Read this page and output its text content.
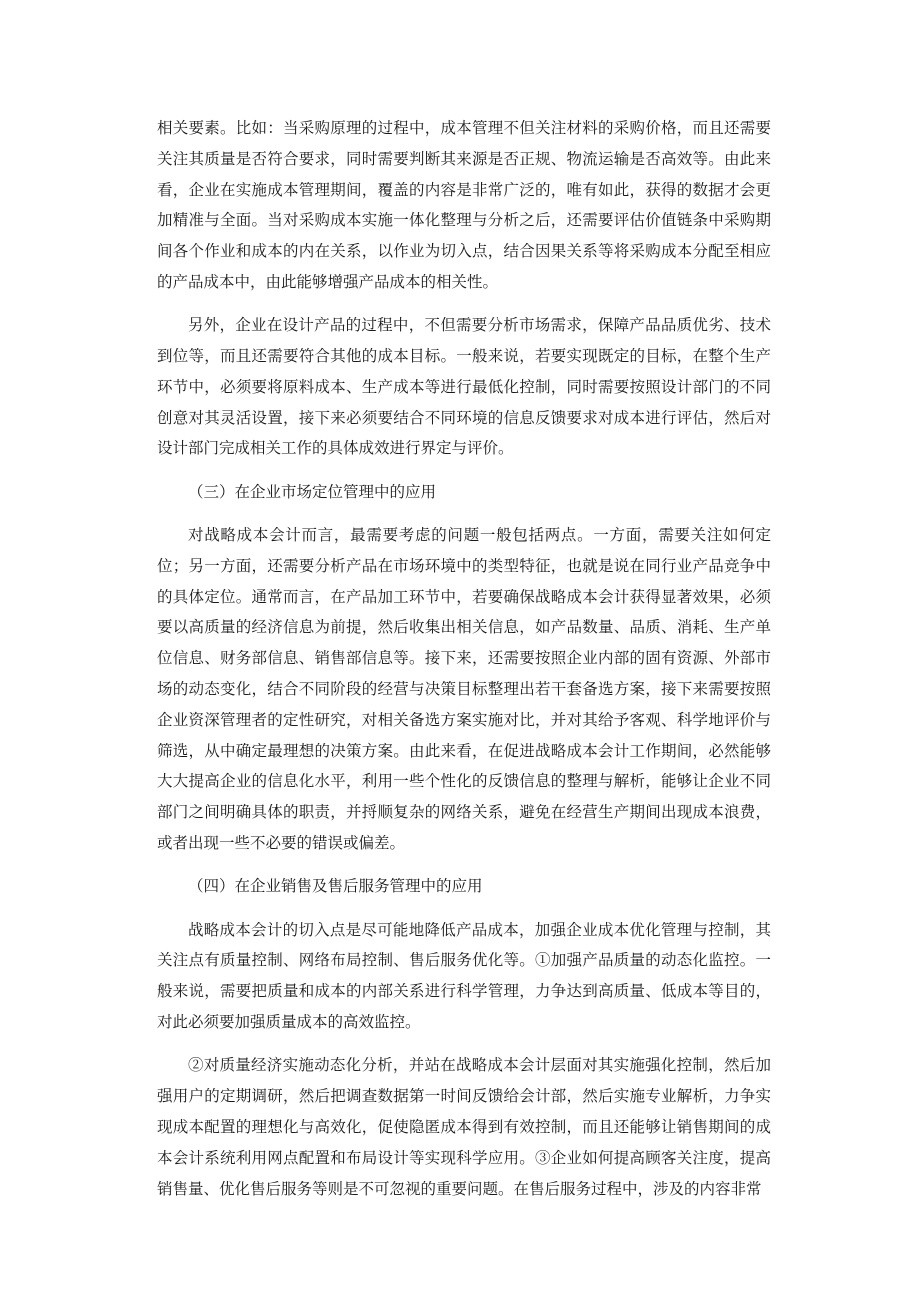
相关要素。比如：当采购原理的过程中，成本管理不但关注材料的采购价格，而且还需要关注其质量是否符合要求，同时需要判断其来源是否正规、物流运输是否高效等。由此来看，企业在实施成本管理期间，覆盖的内容是非常广泛的，唯有如此，获得的数据才会更加精准与全面。当对采购成本实施一体化整理与分析之后，还需要评估价值链条中采购期间各个作业和成本的内在关系，以作业为切入点，结合因果关系等将采购成本分配至相应的产品成本中，由此能够增强产品成本的相关性。

另外，企业在设计产品的过程中，不但需要分析市场需求，保障产品品质优劣、技术到位等，而且还需要符合其他的成本目标。一般来说，若要实现既定的目标，在整个生产环节中，必须要将原料成本、生产成本等进行最低化控制，同时需要按照设计部门的不同创意对其灵活设置，接下来必须要结合不同环境的信息反馈要求对成本进行评估，然后对设计部门完成相关工作的具体成效进行界定与评价。

（三）在企业市场定位管理中的应用

对战略成本会计而言，最需要考虑的问题一般包括两点。一方面，需要关注如何定位；另一方面，还需要分析产品在市场环境中的类型特征，也就是说在同行业产品竞争中的具体定位。通常而言，在产品加工环节中，若要确保战略成本会计获得显著效果，必须要以高质量的经济信息为前提，然后收集出相关信息，如产品数量、品质、消耗、生产单位信息、财务部信息、销售部信息等。接下来，还需要按照企业内部的固有资源、外部市场的动态变化，结合不同阶段的经营与决策目标整理出若干套备选方案，接下来需要按照企业资深管理者的定性研究，对相关备选方案实施对比，并对其给予客观、科学地评价与筛选，从中确定最理想的决策方案。由此来看，在促进战略成本会计工作期间，必然能够大大提高企业的信息化水平，利用一些个性化的反馈信息的整理与解析，能够让企业不同部门之间明确具体的职责，并捋顺复杂的网络关系，避免在经营生产期间出现成本浪费，或者出现一些不必要的错误或偏差。

（四）在企业销售及售后服务管理中的应用

战略成本会计的切入点是尽可能地降低产品成本，加强企业成本优化管理与控制，其关注点有质量控制、网络布局控制、售后服务优化等。①加强产品质量的动态化监控。一般来说，需要把质量和成本的内部关系进行科学管理，力争达到高质量、低成本等目的，对此必须要加强质量成本的高效监控。

②对质量经济实施动态化分析，并站在战略成本会计层面对其实施强化控制，然后加强用户的定期调研，然后把调查数据第一时间反馈给会计部，然后实施专业解析，力争实现成本配置的理想化与高效化，促使隐匿成本得到有效控制，而且还能够让销售期间的成本会计系统利用网点配置和布局设计等实现科学应用。③企业如何提高顾客关注度，提高销售量、优化售后服务等则是不可忽视的重要问题。在售后服务过程中，涉及的内容非常
